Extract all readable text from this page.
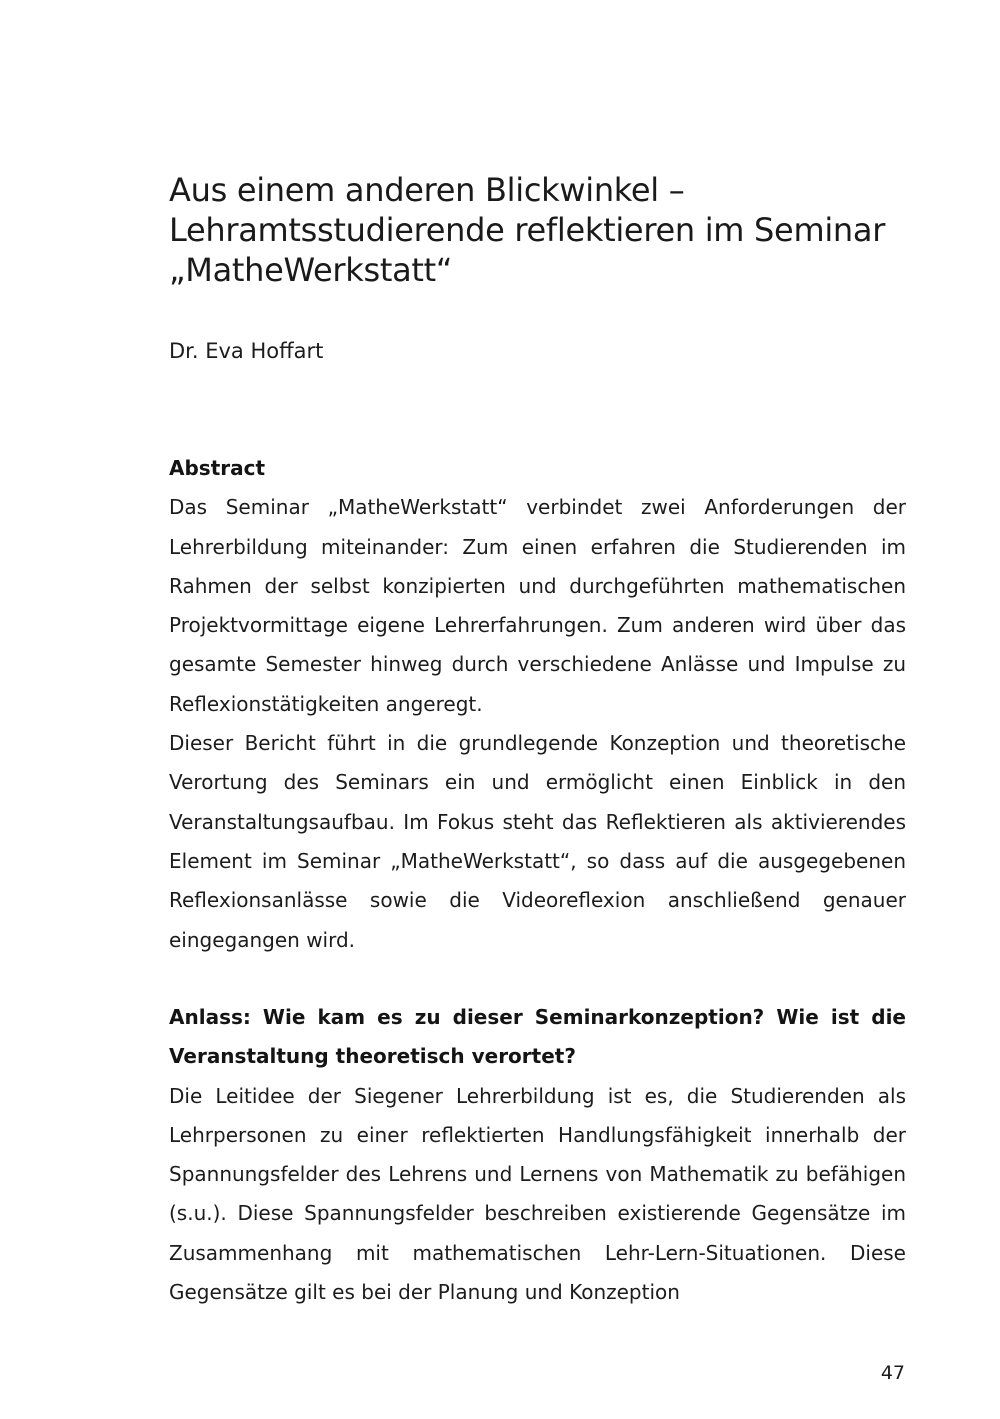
Aus einem anderen Blickwinkel –
Lehramtsstudierende reflektieren im Seminar
„MatheWerkstatt“

Dr. Eva Hoffart

Abstract

Das Seminar „MatheWerkstatt“ verbindet zwei Anforderungen der Lehrerbildung miteinander: Zum einen erfahren die Studierenden im Rahmen der selbst konzipierten und durchgeführten mathematischen Projektvormittage eigene Lehrerfahrungen. Zum anderen wird über das gesamte Semester hinweg durch verschiedene Anlässe und Impulse zu Reflexionstätigkeiten angeregt.

Dieser Bericht führt in die grundlegende Konzeption und theoretische Verortung des Seminars ein und ermöglicht einen Einblick in den Veranstaltungsaufbau. Im Fokus steht das Reflektieren als aktivierendes Element im Seminar „MatheWerkstatt“, so dass auf die ausgegebenen Reflexionsanlässe sowie die Videoreflexion anschließend genauer eingegangen wird.

Anlass: Wie kam es zu dieser Seminarkonzeption? Wie ist die Veranstaltung theoretisch verortet?

Die Leitidee der Siegener Lehrerbildung ist es, die Studierenden als Lehrpersonen zu einer reflektierten Handlungsfähigkeit innerhalb der Spannungsfelder des Lehrens und Lernens von Mathematik zu befähigen (s.u.). Diese Spannungsfelder beschreiben existierende Gegensätze im Zusammenhang mit mathematischen Lehr-Lern-Situationen. Diese Gegensätze gilt es bei der Planung und Konzeption

47
